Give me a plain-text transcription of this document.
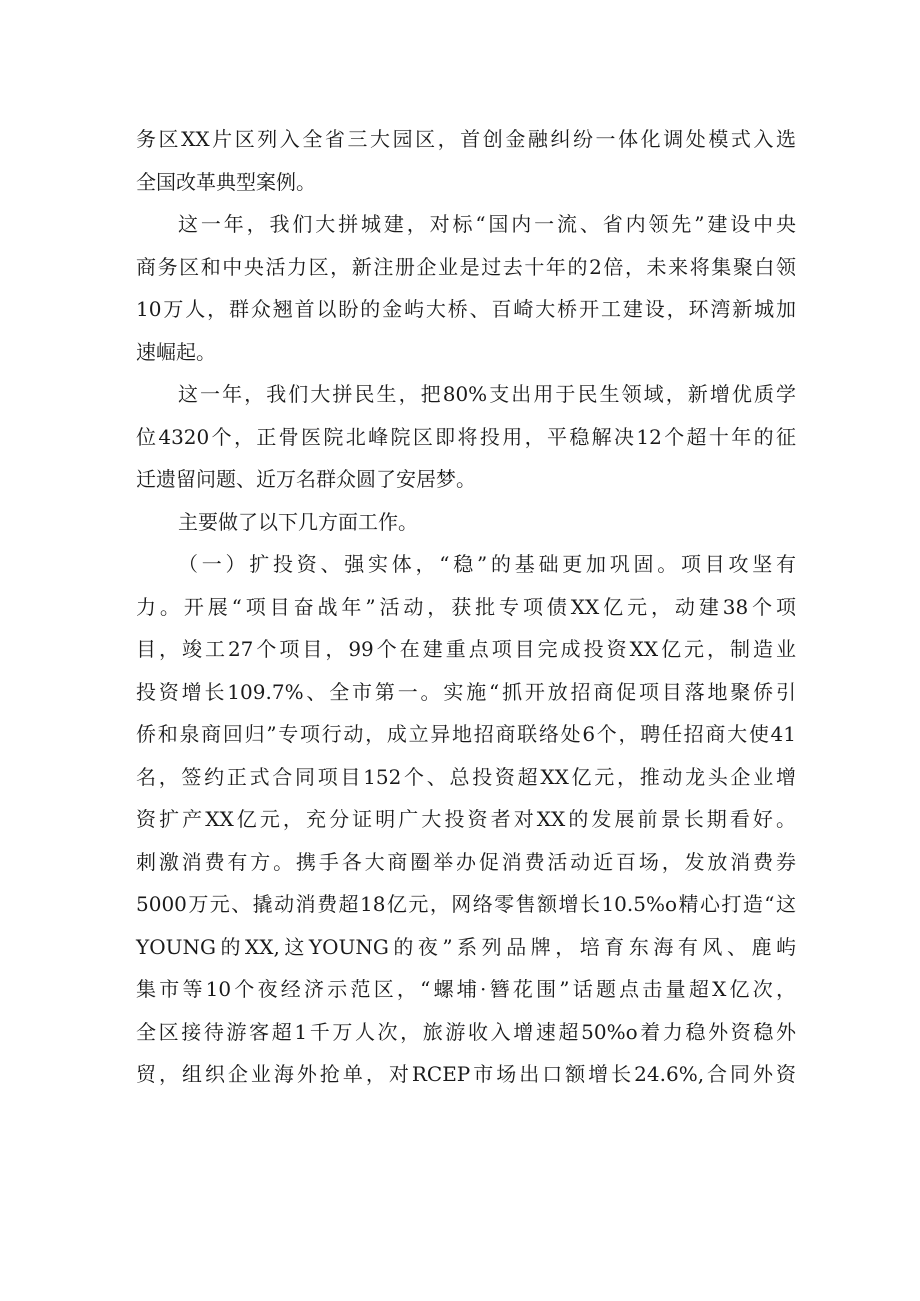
务区XX片区列入全省三大园区，首创金融纠纷一体化调处模式入选
全国改革典型案例。
这一年，我们大拼城建，对标“国内一流、省内领先”建设中央
商务区和中央活力区，新注册企业是过去十年的2倍，未来将集聚白领
10万人，群众翘首以盼的金屿大桥、百崎大桥开工建设，环湾新城加
速崛起。
这一年，我们大拼民生，把80%支出用于民生领域，新增优质学
位4320个，正骨医院北峰院区即将投用，平稳解决12个超十年的征
迁遗留问题、近万名群众圆了安居梦。
主要做了以下几方面工作。
（一）扩投资、强实体，“稳”的基础更加巩固。项目攻坚有
力。开展“项目奋战年”活动，获批专项债XX亿元，动建38个项
目，竣工27个项目，99个在建重点项目完成投资XX亿元，制造业
投资增长109.7%、全市第一。实施“抓开放招商促项目落地聚侨引
侨和泉商回归”专项行动，成立异地招商联络处6个，聘任招商大使41
名，签约正式合同项目152个、总投资超XX亿元，推动龙头企业增
资扩产XX亿元，充分证明广大投资者对XX的发展前景长期看好。
刺激消费有方。携手各大商圈举办促消费活动近百场，发放消费券
5000万元、撬动消费超18亿元，网络零售额增长10.5%o精心打造“这
YOUNG的XX,这YOUNG的夜”系列品牌，培育东海有风、鹿屿
集市等10个夜经济示范区，“螺埔·簪花围”话题点击量超X亿次，
全区接待游客超1千万人次，旅游收入增速超50%o着力稳外资稳外
贸，组织企业海外抢单，对RCEP市场出口额增长24.6%,合同外资
